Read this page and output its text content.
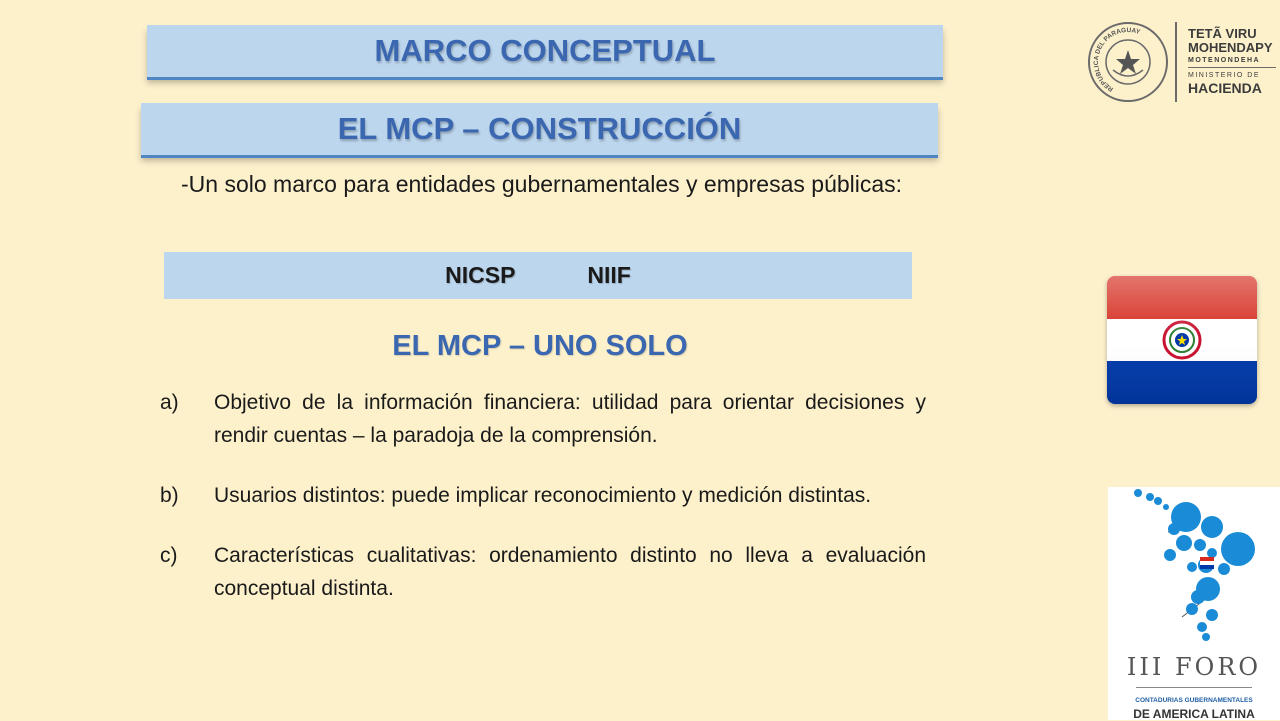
MARCO CONCEPTUAL
EL MCP – CONSTRUCCIÓN
-Un solo marco para entidades gubernamentales y empresas públicas:
NICSP	NIIF
EL MCP – UNO SOLO
a)	Objetivo de la información financiera: utilidad para orientar decisiones y rendir cuentas – la paradoja de la comprensión.
b)	Usuarios distintos: puede implicar reconocimiento y medición distintas.
c)	Características cualitativas: ordenamiento distinto no lleva a evaluación conceptual distinta.
REPUBLICA DEL PARAGUAY	TETÃ VIRU
MOHENDAPY
MOTENONDEHA
MINISTERIO DE
HACIENDA
III FORO
CONTADURIAS GUBERNAMENTALES
DE AMERICA LATINA
